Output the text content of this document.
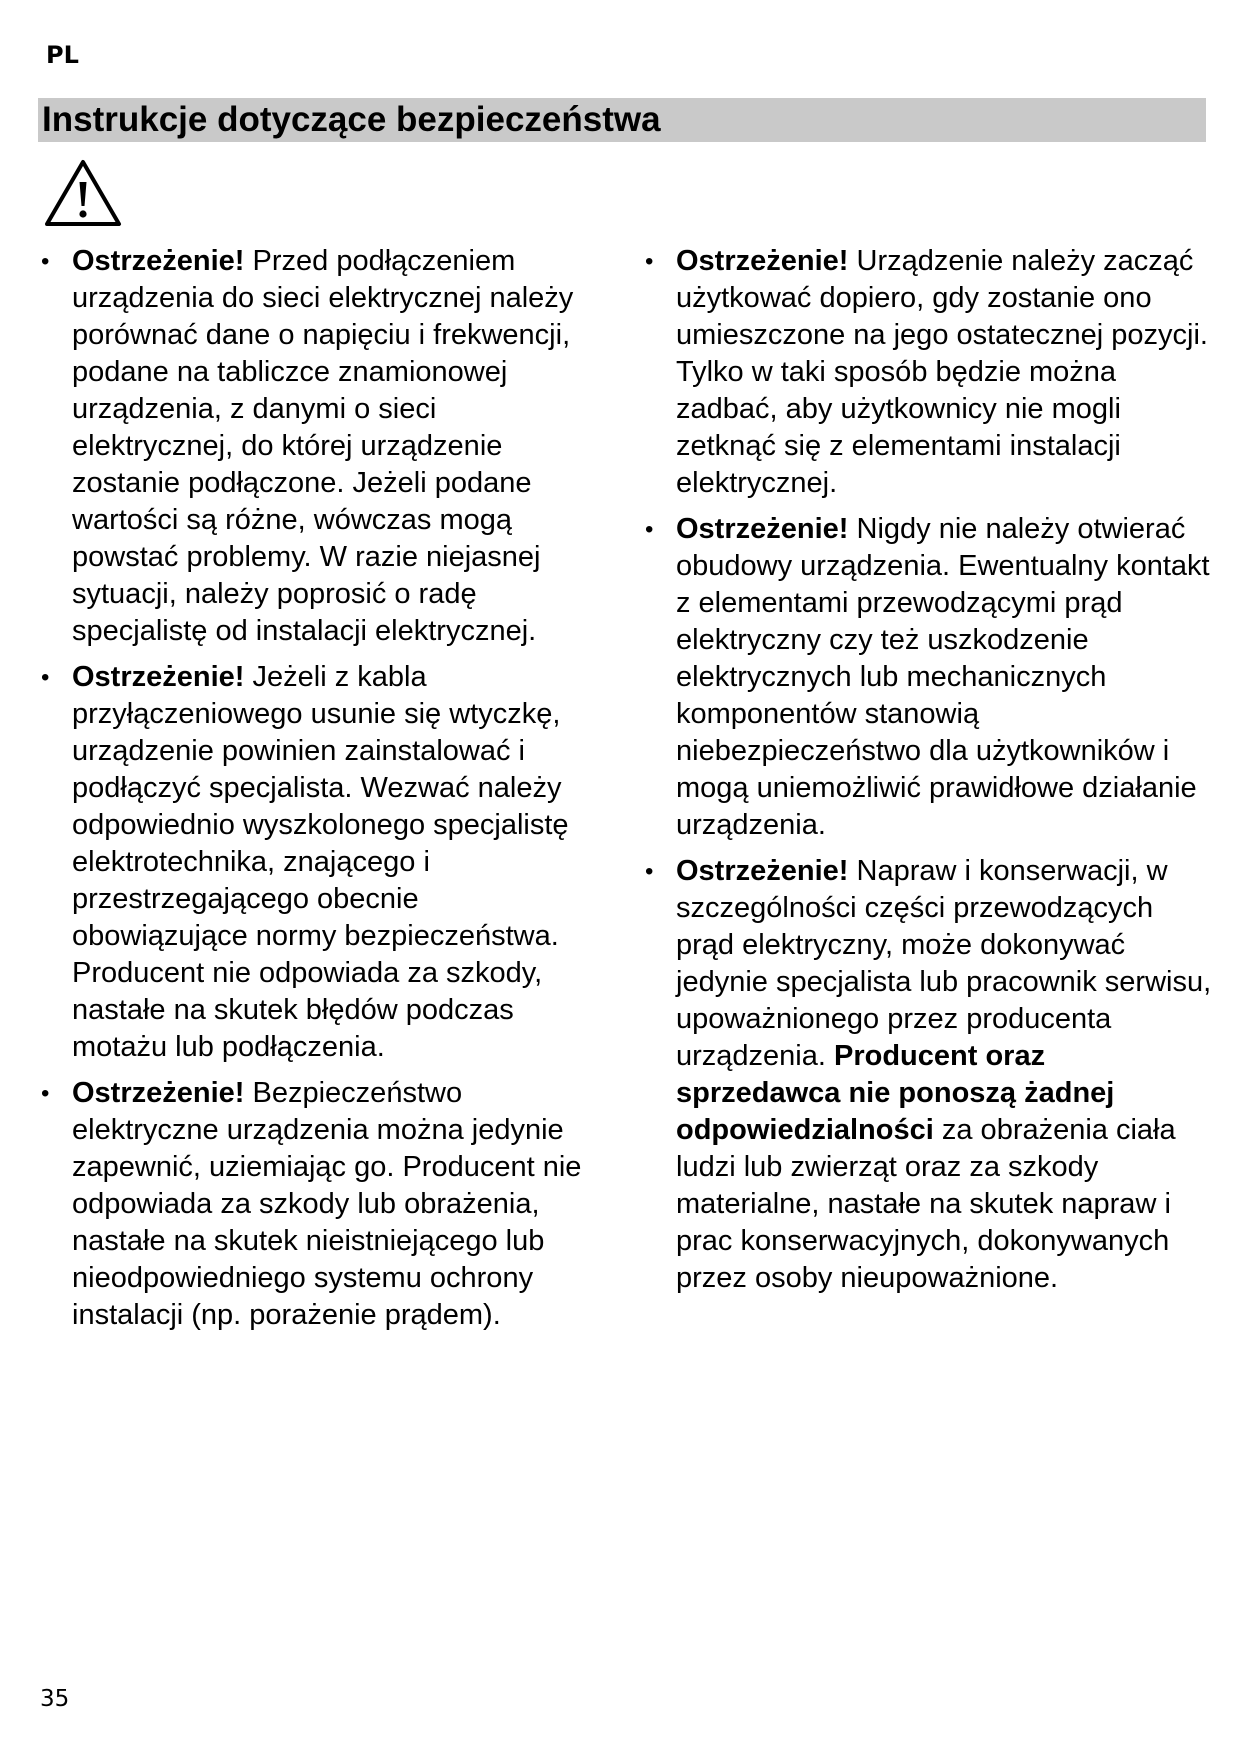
PL
Instrukcje dotyczące bezpieczeństwa
• Ostrzeżenie! Przed podłączeniem urządzenia do sieci elektrycznej należy porównać dane o napięciu i frekwencji, podane na tabliczce znamionowej urządzenia, z danymi o sieci elektrycznej, do której urządzenie zostanie podłączone. Jeżeli podane wartości są różne, wówczas mogą powstać problemy. W razie niejasnej sytuacji, należy poprosić o radę specjalistę od instalacji elektrycznej.
• Ostrzeżenie! Jeżeli z kabla przyłączeniowego usunie się wtyczkę, urządzenie powinien zainstalować i podłączyć specjalista. Wezwać należy odpowiednio wyszkolonego specjalistę elektrotechnika, znającego i przestrzegającego obecnie obowiązujące normy bezpieczeństwa. Producent nie odpowiada za szkody, nastałe na skutek błędów podczas motażu lub podłączenia.
• Ostrzeżenie! Bezpieczeństwo elektryczne urządzenia można jedynie zapewnić, uziemiając go. Producent nie odpowiada za szkody lub obrażenia, nastałe na skutek nieistniejącego lub nieodpowiedniego systemu ochrony instalacji (np. porażenie prądem).
• Ostrzeżenie! Urządzenie należy zacząć użytkować dopiero, gdy zostanie ono umieszczone na jego ostatecznej pozycji. Tylko w taki sposób będzie można zadbać, aby użytkownicy nie mogli zetknąć się z elementami instalacji elektrycznej.
• Ostrzeżenie! Nigdy nie należy otwierać obudowy urządzenia. Ewentualny kontakt z elementami przewodzącymi prąd elektryczny czy też uszkodzenie elektrycznych lub mechanicznych komponentów stanowią niebezpieczeństwo dla użytkowników i mogą uniemożliwić prawidłowe działanie urządzenia.
• Ostrzeżenie! Napraw i konserwacji, w szczególności części przewodzących prąd elektryczny, może dokonywać jedynie specjalista lub pracownik serwisu, upoważnionego przez producenta urządzenia. Producent oraz sprzedawca nie ponoszą żadnej odpowiedzialności za obrażenia ciała ludzi lub zwierząt oraz za szkody materialne, nastałe na skutek napraw i prac konserwacyjnych, dokonywanych przez osoby nieupoważnione.
35
